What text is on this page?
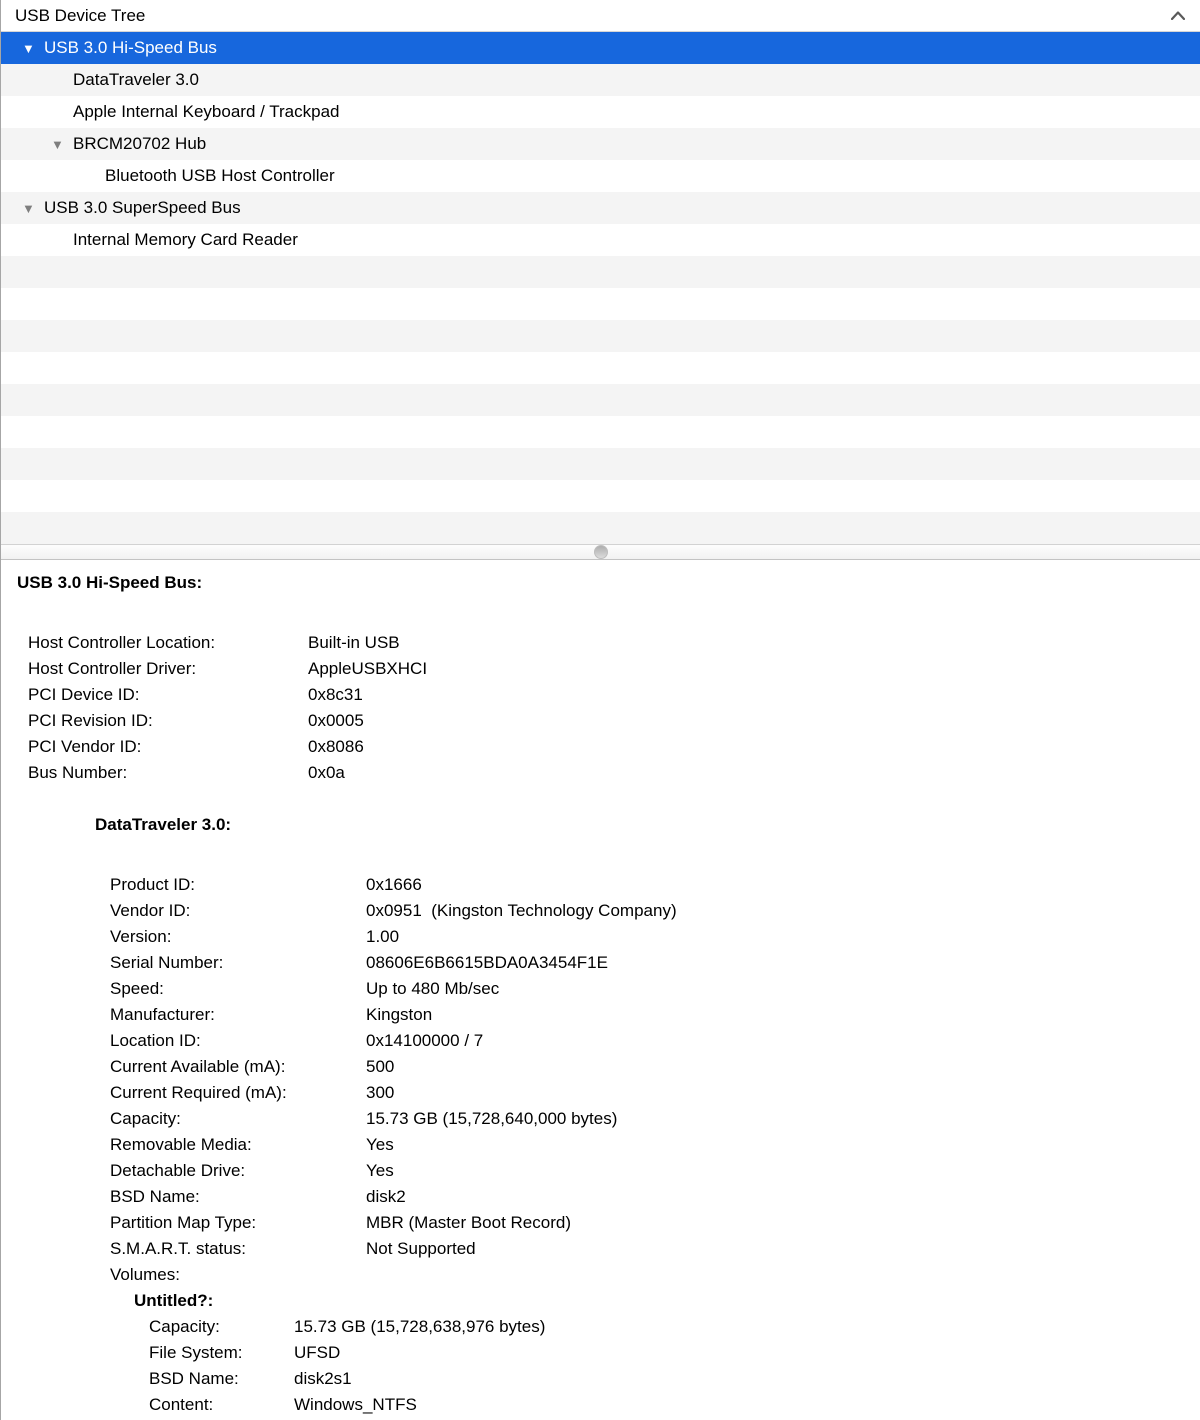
USB Device Tree
▼ USB 3.0 Hi-Speed Bus
DataTraveler 3.0
Apple Internal Keyboard / Trackpad
▼ BRCM20702 Hub
Bluetooth USB Host Controller
▼ USB 3.0 SuperSpeed Bus
Internal Memory Card Reader
USB 3.0 Hi-Speed Bus:
Host Controller Location:	Built-in USB
Host Controller Driver:	AppleUSBXHCI
PCI Device ID:	0x8c31
PCI Revision ID:	0x0005
PCI Vendor ID:	0x8086
Bus Number:	0x0a
DataTraveler 3.0:
Product ID:	0x1666
Vendor ID:	0x0951  (Kingston Technology Company)
Version:	1.00
Serial Number:	08606E6B6615BDA0A3454F1E
Speed:	Up to 480 Mb/sec
Manufacturer:	Kingston
Location ID:	0x14100000 / 7
Current Available (mA):	500
Current Required (mA):	300
Capacity:	15.73 GB (15,728,640,000 bytes)
Removable Media:	Yes
Detachable Drive:	Yes
BSD Name:	disk2
Partition Map Type:	MBR (Master Boot Record)
S.M.A.R.T. status:	Not Supported
Volumes:
Untitled?:
Capacity:	15.73 GB (15,728,638,976 bytes)
File System:	UFSD
BSD Name:	disk2s1
Content:	Windows_NTFS
